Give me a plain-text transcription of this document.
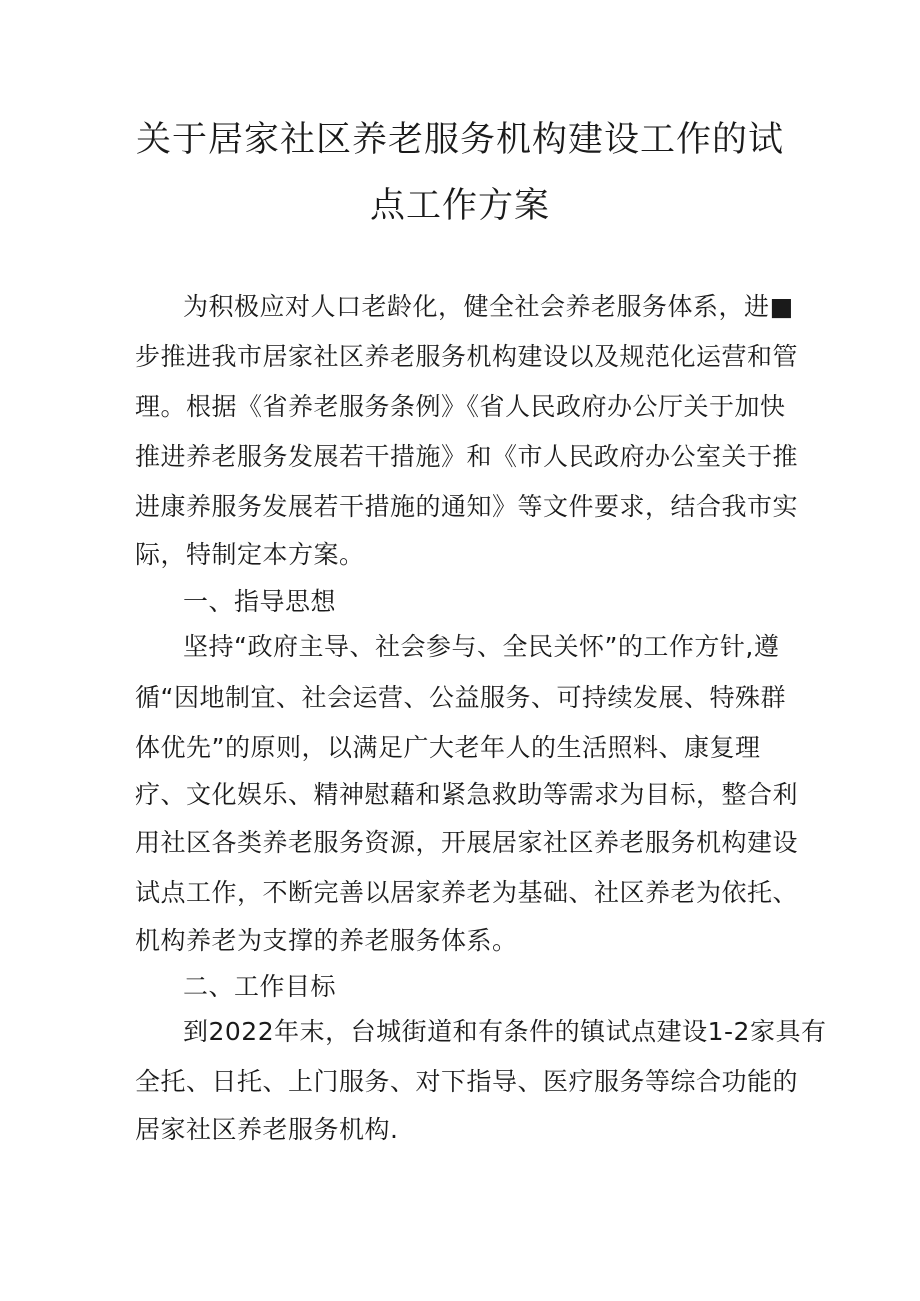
关于居家社区养老服务机构建设工作的试
点工作方案
为积极应对人口老龄化，健全社会养老服务体系，进■
步推进我市居家社区养老服务机构建设以及规范化运营和管
理。根据《省养老服务条例》《省人民政府办公厅关于加快
推进养老服务发展若干措施》和《市人民政府办公室关于推
进康养服务发展若干措施的通知》等文件要求，结合我市实
际，特制定本方案。
一、指导思想
坚持“政府主导、社会参与、全民关怀”的工作方针,遵
循“因地制宜、社会运营、公益服务、可持续发展、特殊群
体优先”的原则，以满足广大老年人的生活照料、康复理
疗、文化娱乐、精神慰藉和紧急救助等需求为目标，整合利
用社区各类养老服务资源，开展居家社区养老服务机构建设
试点工作，不断完善以居家养老为基础、社区养老为依托、
机构养老为支撑的养老服务体系。
二、工作目标
到2022年末，台城街道和有条件的镇试点建设1-2家具有
全托、日托、上门服务、对下指导、医疗服务等综合功能的
居家社区养老服务机构.
